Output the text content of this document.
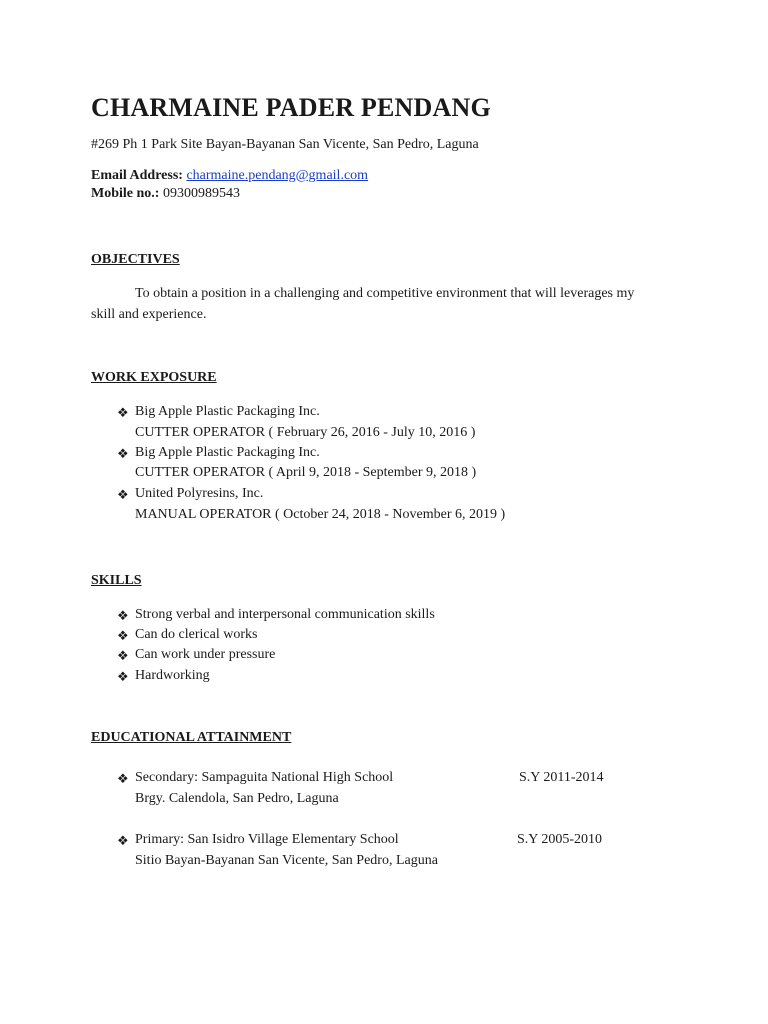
CHARMAINE PADER PENDANG
#269 Ph 1 Park Site Bayan-Bayanan San Vicente, San Pedro, Laguna
Email Address: charmaine.pendang@gmail.com
Mobile no.: 09300989543
OBJECTIVES
To obtain a position in a challenging and competitive environment that will leverages my
skill and experience.
WORK EXPOSURE
❖ Big Apple Plastic Packaging Inc.
CUTTER OPERATOR ( February 26, 2016 - July 10, 2016 )
❖ Big Apple Plastic Packaging Inc.
CUTTER OPERATOR ( April 9, 2018 - September 9, 2018 )
❖ United Polyresins, Inc.
MANUAL OPERATOR ( October 24, 2018 - November 6, 2019 )
SKILLS
❖ Strong verbal and interpersonal communication skills
❖ Can do clerical works
❖ Can work under pressure
❖ Hardworking
EDUCATIONAL ATTAINMENT
❖ Secondary: Sampaguita National High School	S.Y 2011-2014
Brgy. Calendola, San Pedro, Laguna
❖ Primary: San Isidro Village Elementary School	S.Y 2005-2010
Sitio Bayan-Bayanan San Vicente, San Pedro, Laguna
